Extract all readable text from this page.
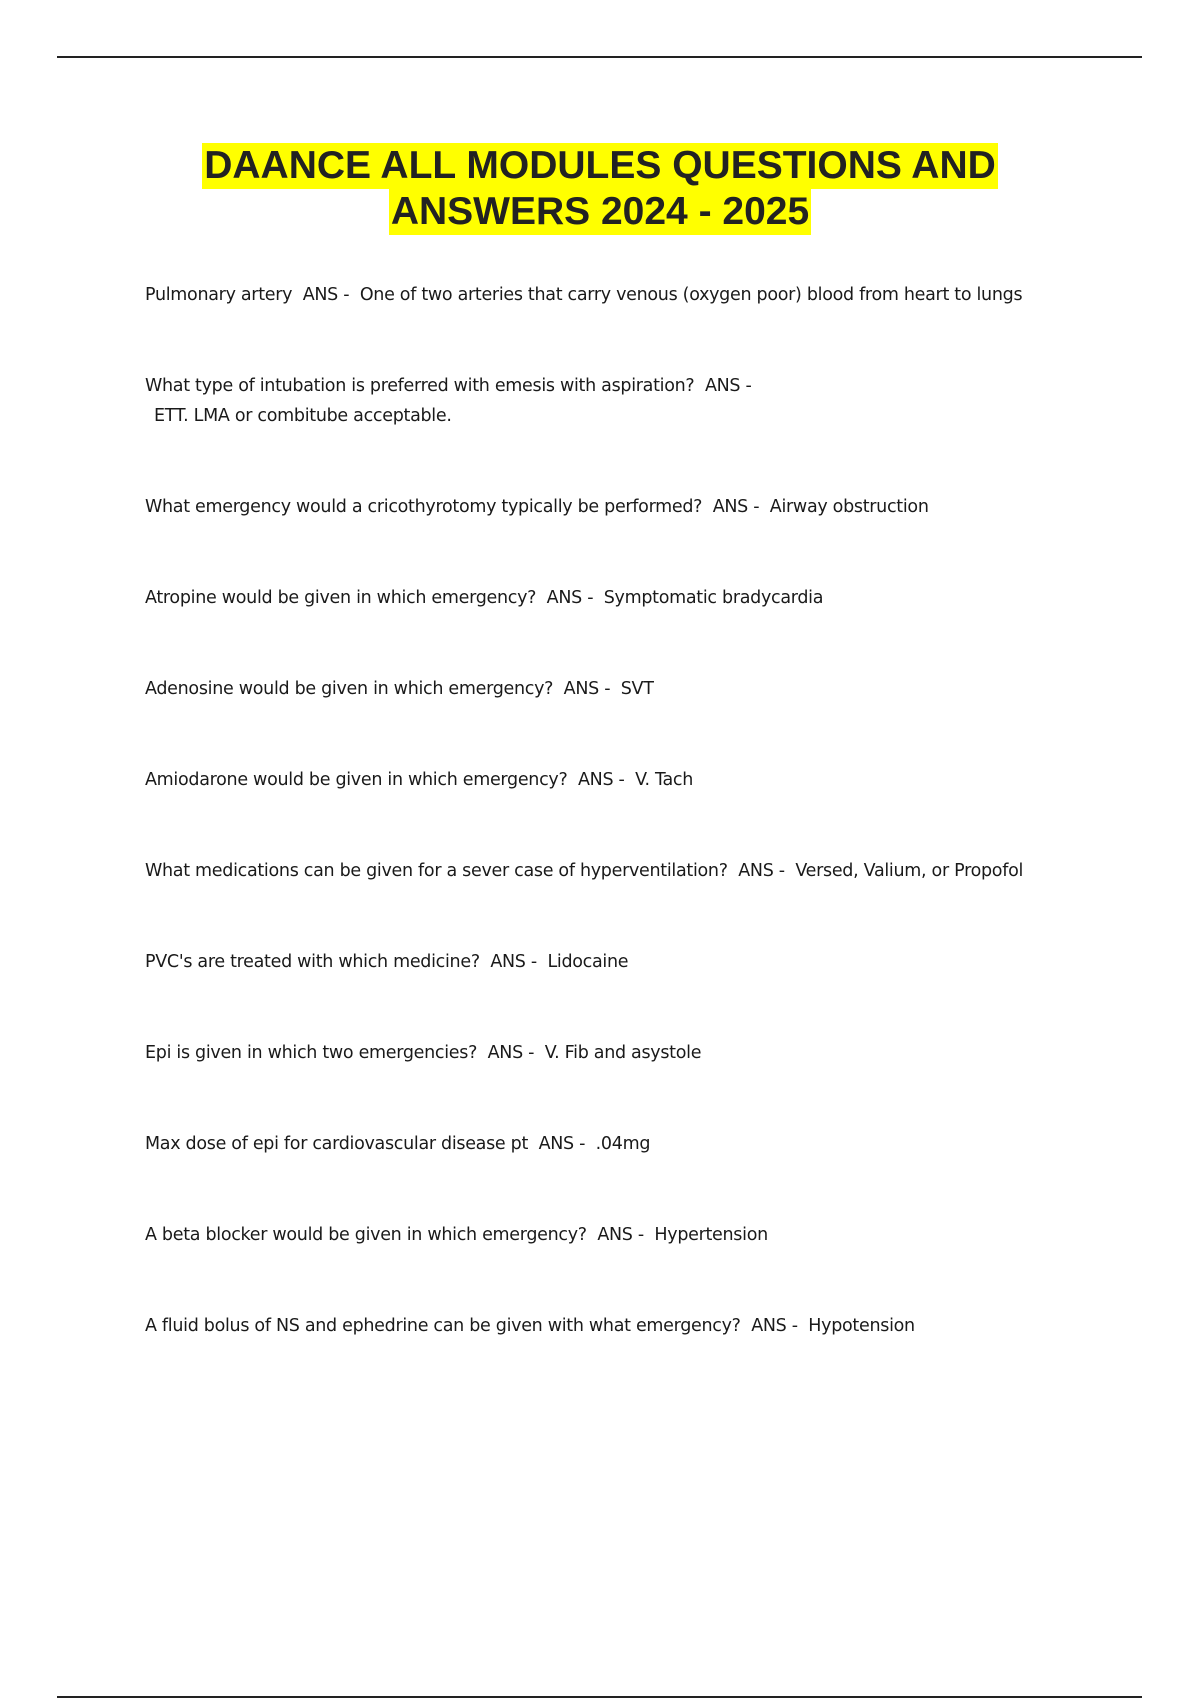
DAANCE ALL MODULES QUESTIONS AND
ANSWERS 2024 - 2025
Pulmonary artery ANS - One of two arteries that carry venous (oxygen poor) blood from heart to lungs
What type of intubation is preferred with emesis with aspiration? ANS -
ETT. LMA or combitube acceptable.
What emergency would a cricothyrotomy typically be performed? ANS - Airway obstruction
Atropine would be given in which emergency? ANS - Symptomatic bradycardia
Adenosine would be given in which emergency? ANS - SVT
Amiodarone would be given in which emergency? ANS - V. Tach
What medications can be given for a sever case of hyperventilation? ANS - Versed, Valium, or Propofol
PVC's are treated with which medicine? ANS - Lidocaine
Epi is given in which two emergencies? ANS - V. Fib and asystole
Max dose of epi for cardiovascular disease pt ANS - .04mg
A beta blocker would be given in which emergency? ANS - Hypertension
A fluid bolus of NS and ephedrine can be given with what emergency? ANS - Hypotension
